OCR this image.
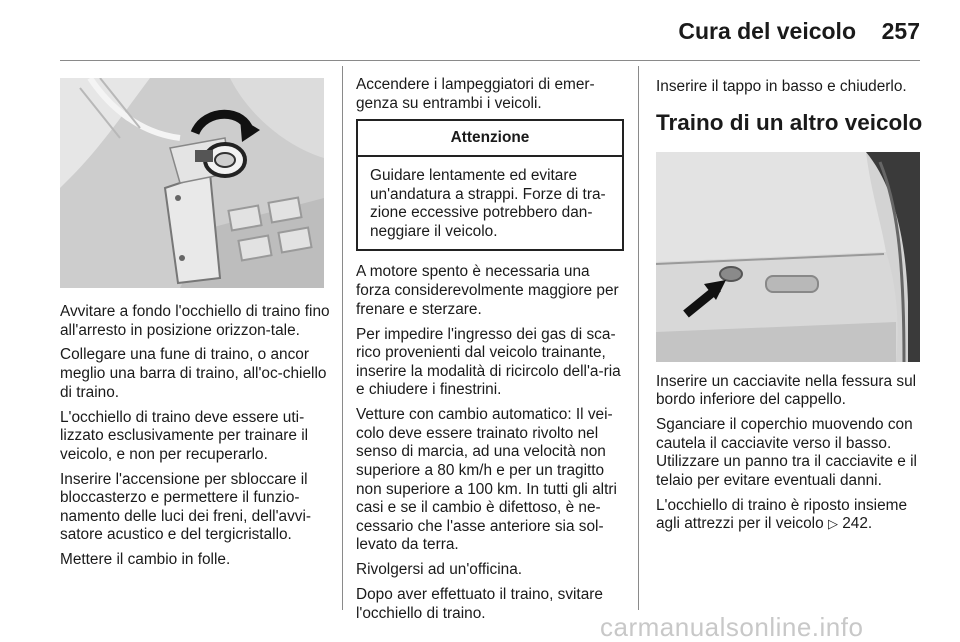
Cura del veicolo 257

Avvitare a fondo l'occhiello di traino fino all'arresto in posizione orizzon-tale.

Collegare una fune di traino, o ancor meglio una barra di traino, all'oc-chiello di traino.

L'occhiello di traino deve essere uti-lizzato esclusivamente per trainare il veicolo, e non per recuperarlo.

Inserire l'accensione per sbloccare il bloccasterzo e permettere il funzio-namento delle luci dei freni, dell'avvi-satore acustico e del tergicristallo.

Mettere il cambio in folle.

Accendere i lampeggiatori di emer-genza su entrambi i veicoli.

Attenzione
Guidare lentamente ed evitare un'andatura a strappi. Forze di tra-zione eccessive potrebbero dan-neggiare il veicolo.

A motore spento è necessaria una forza considerevolmente maggiore per frenare e sterzare.

Per impedire l'ingresso dei gas di sca-rico provenienti dal veicolo trainante, inserire la modalità di ricircolo dell'a-ria e chiudere i finestrini.

Vetture con cambio automatico: Il vei-colo deve essere trainato rivolto nel senso di marcia, ad una velocità non superiore a 80 km/h e per un tragitto non superiore a 100 km. In tutti gli altri casi e se il cambio è difettoso, è ne-cessario che l'asse anteriore sia sol-levato da terra.

Rivolgersi ad un'officina.

Dopo aver effettuato il traino, svitare l'occhiello di traino.

Inserire il tappo in basso e chiuderlo.

Traino di un altro veicolo

Inserire un cacciavite nella fessura sul bordo inferiore del cappello.

Sganciare il coperchio muovendo con cautela il cacciavite verso il basso.

Utilizzare un panno tra il cacciavite e il telaio per evitare eventuali danni.

L'occhiello di traino è riposto insieme agli attrezzi per il veicolo ▷ 242.

carmanualsonline.info
